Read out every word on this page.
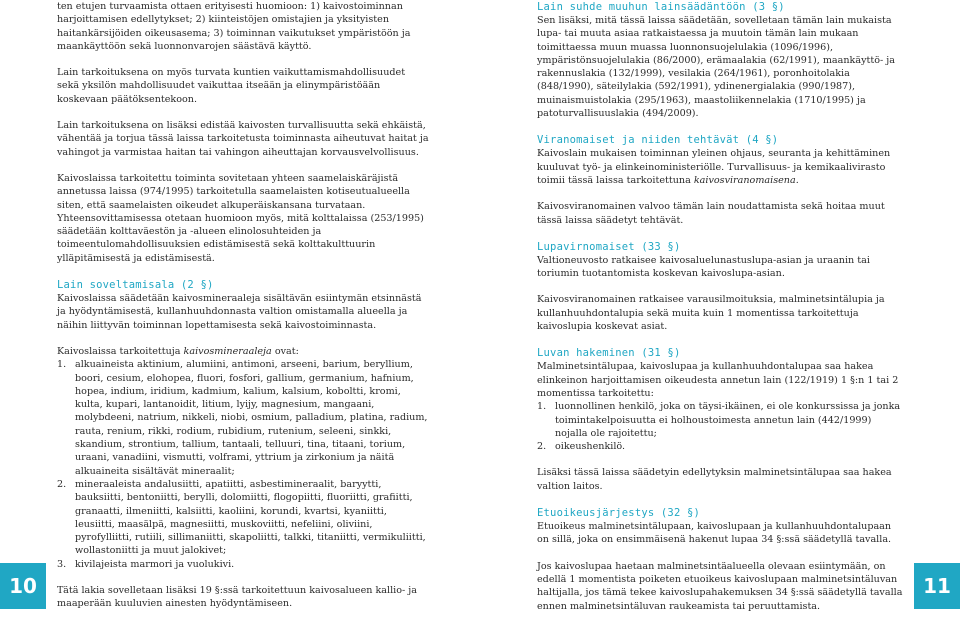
ten etujen turvaamista ottaen erityisesti huomioon: 1) kaivostoiminnan harjoittamisen edellytykset; 2) kiinteistöjen omistajien ja yksityisten haitankärsijöiden oikeusasema; 3) toiminnan vaikutukset ympäristöön ja maankäyttöön sekä luonnonvarojen säästävä käyttö.

Lain tarkoituksena on myös turvata kuntien vaikuttamismahdollisuudet sekä yksilön mahdollisuudet vaikuttaa itseään ja elinympäristöään koskevaan päätöksentekoon.

Lain tarkoituksena on lisäksi edistää kaivosten turvallisuutta sekä ehkäistä, vähentää ja torjua tässä laissa tarkoitetusta toiminnasta aiheutuvat haitat ja vahingot ja varmistaa haitan tai vahingon aiheuttajan korvausvelvollisuus.

Kaivoslaissa tarkoitettu toiminta sovitetaan yhteen saamelaiskäräjistä annetussa laissa (974/1995) tarkoitetulla saamelaisten kotiseutualueella siten, että saamelaisten oikeudet alkuperäiskansana turvataan. Yhteensovittamisessa otetaan huomioon myös, mitä kolttalaissa (253/1995) säädetään kolttaväestön ja -alueen elinolosuhteiden ja toimeentulomahdollisuuksien edistämisestä sekä kolttakulttuurin ylläpitämisestä ja edistämisestä.

Lain soveltamisala (2 §)

Kaivoslaissa säädetään kaivosmineraaleja sisältävän esiintymän etsinnästä ja hyödyntämisestä, kullanhuuhdonnasta valtion omistamalla alueella ja näihin liittyvän toiminnan lopettamisesta sekä kaivostoiminnasta.

Kaivoslaissa tarkoitettuja kaivosmineraaleja ovat:

1. alkuaineista aktinium, alumiini, antimoni, arseeni, barium, beryllium, boori, cesium, elohopea, fluori, fosfori, gallium, germanium, hafnium, hopea, indium, iridium, kadmium, kalium, kalsium, koboltti, kromi, kulta, kupari, lantanoidit, litium, lyijy, magnesium, mangaani, molybdeeni, natrium, nikkeli, niobi, osmium, palladium, platina, radium, rauta, renium, rikki, rodium, rubidium, rutenium, seleeni, sinkki, skandium, strontium, tallium, tantaali, telluuri, tina, titaani, torium, uraani, vanadiini, vismutti, volframi, yttrium ja zirkonium ja näitä alkuaineita sisältävät mineraalit;
2. mineraaleista andalusiitti, apatiitti, asbestimineraalit, baryytti, bauksiitti, bentoniitti, berylli, dolomiitti, flogopiitti, fluoriitti, grafiitti, granaatti, ilmeniitti, kalsiitti, kaoliini, korundi, kvartsi, kyaniitti, leusiitti, maasälpä, magnesiitti, muskoviitti, nefeliini, oliviini, pyrofylliitti, rutiili, sillimaniitti, skapoliitti, talkki, titaniitti, vermikuliitti, wollastoniitti ja muut jalokivet;
3. kivilajeista marmori ja vuolukivi.

Tätä lakia sovelletaan lisäksi 19 §:ssä tarkoitettuun kaivosalueen kallio- ja maaperään kuuluvien ainesten hyödyntämiseen.

Lain suhde muuhun lainsäädäntöön (3 §)

Sen lisäksi, mitä tässä laissa säädetään, sovelletaan tämän lain mukaista lupa- tai muuta asiaa ratkaistaessa ja muutoin tämän lain mukaan toimittaessa muun muassa luonnonsuojelulakia (1096/1996), ympäristönsuojelulakia (86/2000), erämaalakia (62/1991), maankäyttö- ja rakennuslakia (132/1999), vesilakia (264/1961), poronhoitolakia (848/1990), säteilylakia (592/1991), ydinenergialakia (990/1987), muinaismuistolakia (295/1963), maastoliikennelakia (1710/1995) ja patoturvallisuuslakia (494/2009).

Viranomaiset ja niiden tehtävät (4 §)

Kaivoslain mukaisen toiminnan yleinen ohjaus, seuranta ja kehittäminen kuuluvat työ- ja elinkeinoministeriölle. Turvallisuus- ja kemikaalivirasto toimii tässä laissa tarkoitettuna kaivosviranomaisena.

Kaivosviranomainen valvoo tämän lain noudattamista sekä hoitaa muut tässä laissa säädetyt tehtävät.

Lupavirnomaiset (33 §)

Valtioneuvosto ratkaisee kaivosaluelunastuslupa-asian ja uraanin tai toriumin tuotantomista koskevan kaivoslupa-asian.

Kaivosviranomainen ratkaisee varausilmoituksia, malminetsintälupia ja kullanhuuhdontalupia sekä muita kuin 1 momentissa tarkoitettuja kaivoslupia koskevat asiat.

Luvan hakeminen (31 §)

Malminetsintälupaa, kaivoslupaa ja kullanhuuhdontalupaa saa hakea elinkeinon harjoittamisen oikeudesta annetun lain (122/1919) 1 §:n 1 tai 2 momentissa tarkoitettu:

1. luonnollinen henkilö, joka on täysi-ikäinen, ei ole konkurssissa ja jonka toimintakelpoisuutta ei holhoustoimesta annetun lain (442/1999) nojalla ole rajoitettu;
2. oikeushenkilö.

Lisäksi tässä laissa säädetyin edellytyksin malminetsintälupaa saa hakea valtion laitos.

Etuoikeusjärjestys (32 §)

Etuoikeus malminetsintälupaan, kaivoslupaan ja kullanhuuhdontalupaan on sillä, joka on ensimmäisenä hakenut lupaa 34 §:ssä säädetyllä tavalla.

Jos kaivoslupaa haetaan malminetsintäalueella olevaan esiintymään, on edellä 1 momentista poiketen etuoikeus kaivoslupaan malminetsintäluvan haltijalla, jos tämä tekee kaivoslupahakemuksen 34 §:ssä säädetyllä tavalla ennen malminetsintäluvan raukeamista tai peruuttamista.

10	11
